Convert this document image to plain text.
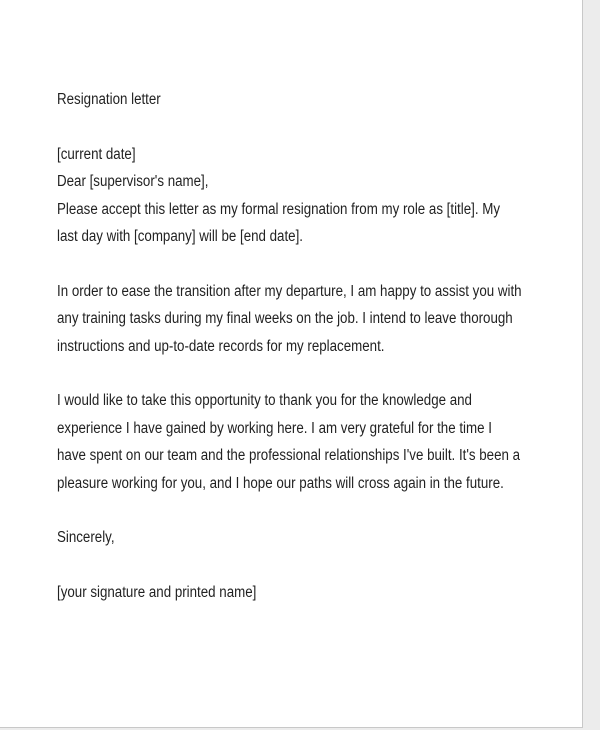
Resignation letter
[current date]
Dear [supervisor's name],
Please accept this letter as my formal resignation from my role as [title]. My
last day with [company] will be [end date].
In order to ease the transition after my departure, I am happy to assist you with
any training tasks during my final weeks on the job. I intend to leave thorough
instructions and up-to-date records for my replacement.
I would like to take this opportunity to thank you for the knowledge and
experience I have gained by working here. I am very grateful for the time I
have spent on our team and the professional relationships I've built. It's been a
pleasure working for you, and I hope our paths will cross again in the future.
Sincerely,
[your signature and printed name]
